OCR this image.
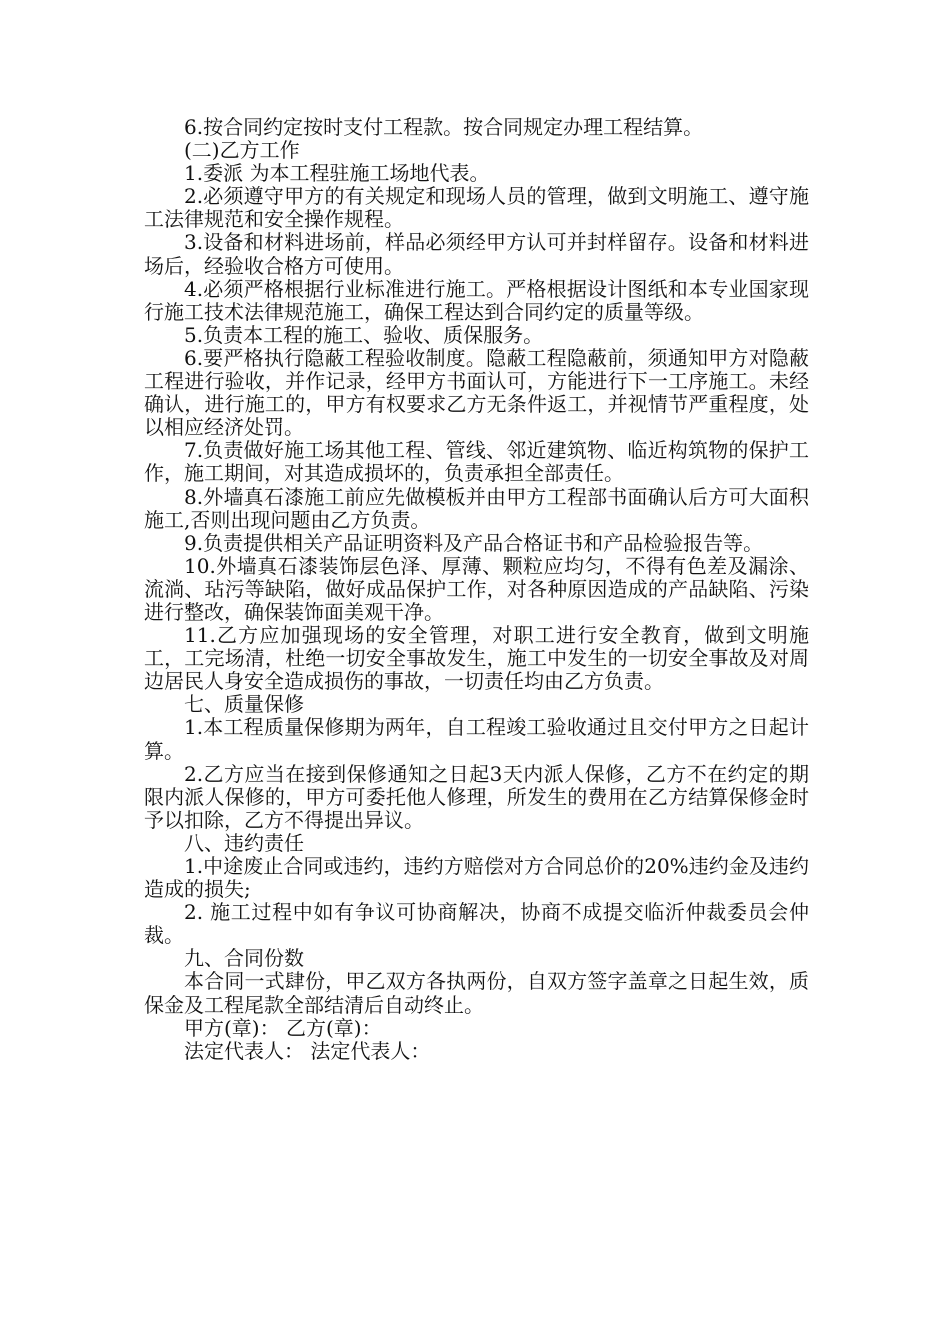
6.按合同约定按时支付工程款。按合同规定办理工程结算。

(二)乙方工作

1.委派 为本工程驻施工场地代表。

2.必须遵守甲方的有关规定和现场人员的管理，做到文明施工、遵守施工法律规范和安全操作规程。

3.设备和材料进场前，样品必须经甲方认可并封样留存。设备和材料进场后，经验收合格方可使用。

4.必须严格根据行业标准进行施工。严格根据设计图纸和本专业国家现行施工技术法律规范施工，确保工程达到合同约定的质量等级。

5.负责本工程的施工、验收、质保服务。

6.要严格执行隐蔽工程验收制度。隐蔽工程隐蔽前，须通知甲方对隐蔽工程进行验收，并作记录，经甲方书面认可，方能进行下一工序施工。未经确认，进行施工的，甲方有权要求乙方无条件返工，并视情节严重程度，处以相应经济处罚。

7.负责做好施工场其他工程、管线、邻近建筑物、临近构筑物的保护工作，施工期间，对其造成损坏的，负责承担全部责任。

8.外墙真石漆施工前应先做模板并由甲方工程部书面确认后方可大面积施工,否则出现问题由乙方负责。

9.负责提供相关产品证明资料及产品合格证书和产品检验报告等。

10.外墙真石漆装饰层色泽、厚薄、颗粒应均匀，不得有色差及漏涂、流淌、玷污等缺陷，做好成品保护工作，对各种原因造成的产品缺陷、污染进行整改，确保装饰面美观干净。

11.乙方应加强现场的安全管理，对职工进行安全教育，做到文明施工，工完场清，杜绝一切安全事故发生，施工中发生的一切安全事故及对周边居民人身安全造成损伤的事故，一切责任均由乙方负责。

七、质量保修

1.本工程质量保修期为两年，自工程竣工验收通过且交付甲方之日起计算。

2.乙方应当在接到保修通知之日起3天内派人保修，乙方不在约定的期限内派人保修的，甲方可委托他人修理，所发生的费用在乙方结算保修金时予以扣除，乙方不得提出异议。

八、违约责任

1.中途废止合同或违约，违约方赔偿对方合同总价的20%违约金及违约造成的损失;

2. 施工过程中如有争议可协商解决，协商不成提交临沂仲裁委员会仲裁。

九、合同份数

本合同一式肆份，甲乙双方各执两份，自双方签字盖章之日起生效，质保金及工程尾款全部结清后自动终止。

甲方(章)： 乙方(章)：

法定代表人： 法定代表人：
